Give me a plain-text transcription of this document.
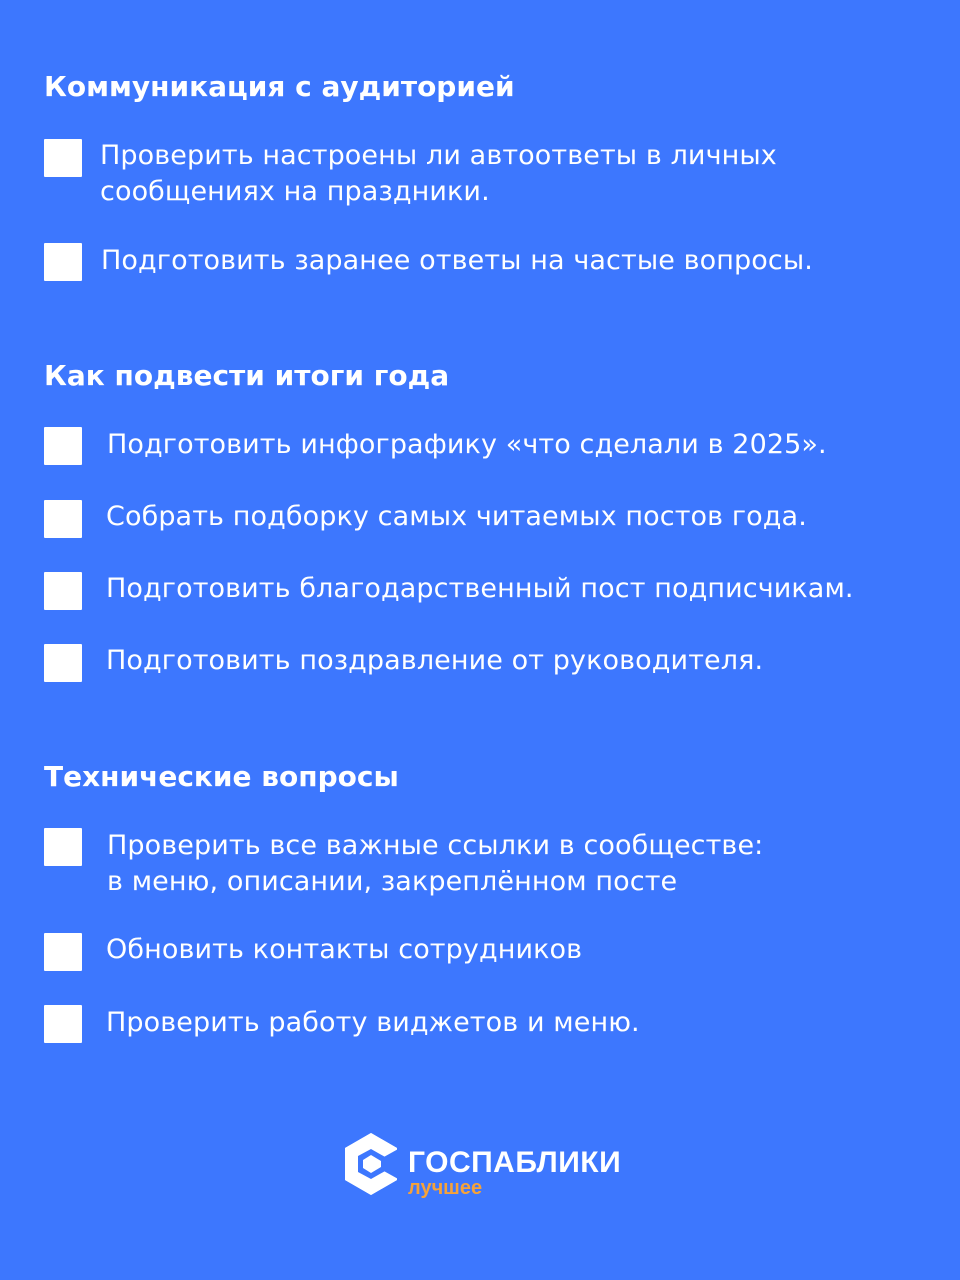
Коммуникация с аудиторией

Проверить настроены ли автоответы в личных
сообщениях на праздники.

Подготовить заранее ответы на частые вопросы.

Как подвести итоги года

Подготовить инфографику «что сделали в 2025».

Собрать подборку самых читаемых постов года.

Подготовить благодарственный пост подписчикам.

Подготовить поздравление от руководителя.

Технические вопросы

Проверить все важные ссылки в сообществе:
в меню, описании, закреплённом посте

Обновить контакты сотрудников

Проверить работу виджетов и меню.

ГОСПАБЛИКИ
лучшее
